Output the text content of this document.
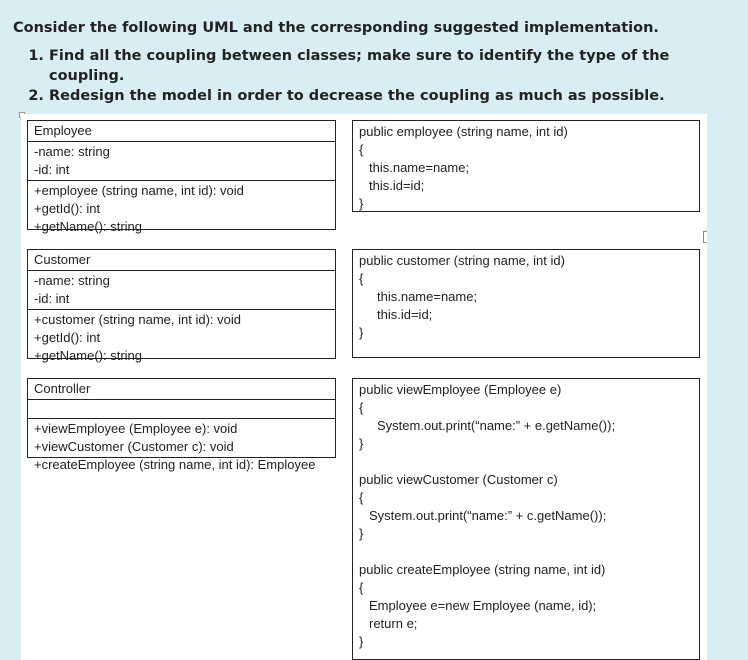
Consider the following UML and the corresponding suggested implementation.
1. Find all the coupling between classes; make sure to identify the type of the coupling.
2. Redesign the model in order to decrease the coupling as much as possible.
Employee
-name: string
-id: int
+employee (string name, int id): void
+getId(): int
+getName(): string
public employee (string name, int id)
{
this.name=name;
this.id=id;
}
Customer
-name: string
-id: int
+customer (string name, int id): void
+getId(): int
+getName(): string
public customer (string name, int id)
{
this.name=name;
this.id=id;
}
Controller
+viewEmployee (Employee e): void
+viewCustomer (Customer c): void
+createEmployee (string name, int id): Employee
public viewEmployee (Employee e)
{
System.out.print(“name:” + e.getName());
}
public viewCustomer (Customer c)
{
System.out.print(“name:” + c.getName());
}
public createEmployee (string name, int id)
{
Employee e=new Employee (name, id);
return e;
}
